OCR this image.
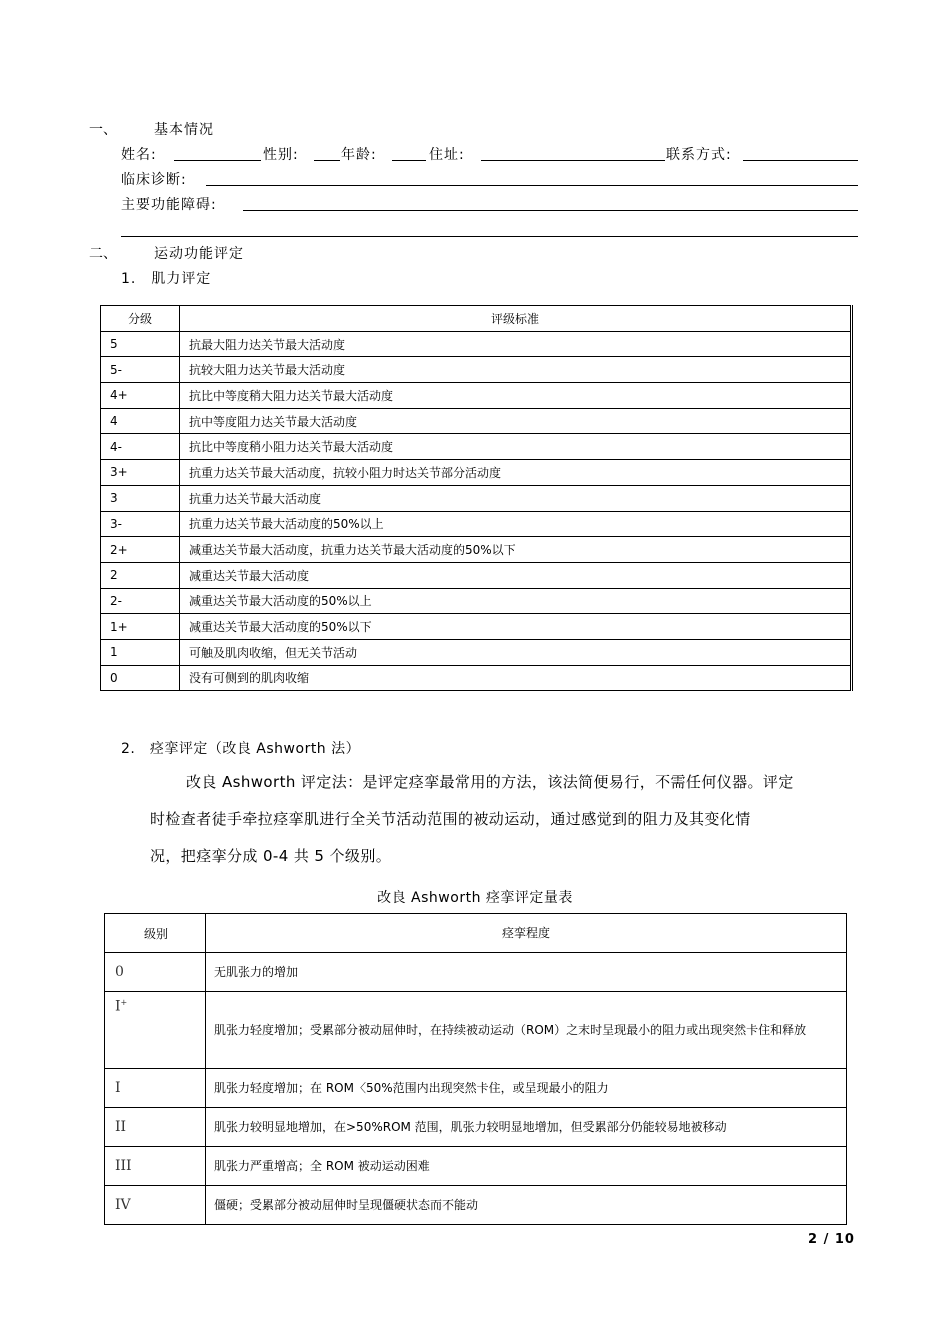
一、	基本情况
姓名:	性别:	年龄:	住址:	联系方式:
临床诊断:
主要功能障碍:
二、	运动功能评定
1.　肌力评定
分级	评级标准
5	抗最大阻力达关节最大活动度
5-	抗较大阻力达关节最大活动度
4+	抗比中等度稍大阻力达关节最大活动度
4	抗中等度阻力达关节最大活动度
4-	抗比中等度稍小阻力达关节最大活动度
3+	抗重力达关节最大活动度，抗较小阻力时达关节部分活动度
3	抗重力达关节最大活动度
3-	抗重力达关节最大活动度的50%以上
2+	减重达关节最大活动度，抗重力达关节最大活动度的50%以下
2	减重达关节最大活动度
2-	减重达关节最大活动度的50%以上
1+	减重达关节最大活动度的50%以下
1	可触及肌肉收缩，但无关节活动
0	没有可侧到的肌肉收缩
2.　痉挛评定（改良 Ashworth 法）
改良 Ashworth 评定法：是评定痉挛最常用的方法，该法简便易行，不需任何仪器。评定
时检查者徒手牵拉痉挛肌进行全关节活动范围的被动运动，通过感觉到的阻力及其变化情
况，把痉挛分成 0-4 共 5 个级别。
改良 Ashworth 痉挛评定量表
级别	痉挛程度
0	无肌张力的增加
I+	肌张力轻度增加；受累部分被动屈伸时，在持续被动运动（ROM）之末时呈现最小的阻力或出现突然卡住和释放
I	肌张力轻度增加；在 ROM〈50%范围内出现突然卡住，或呈现最小的阻力
II	肌张力较明显地增加，在>50%ROM 范围，肌张力较明显地增加，但受累部分仍能较易地被移动
III	肌张力严重增高；全 ROM 被动运动困难
IV	僵硬；受累部分被动屈伸时呈现僵硬状态而不能动
2 / 10
